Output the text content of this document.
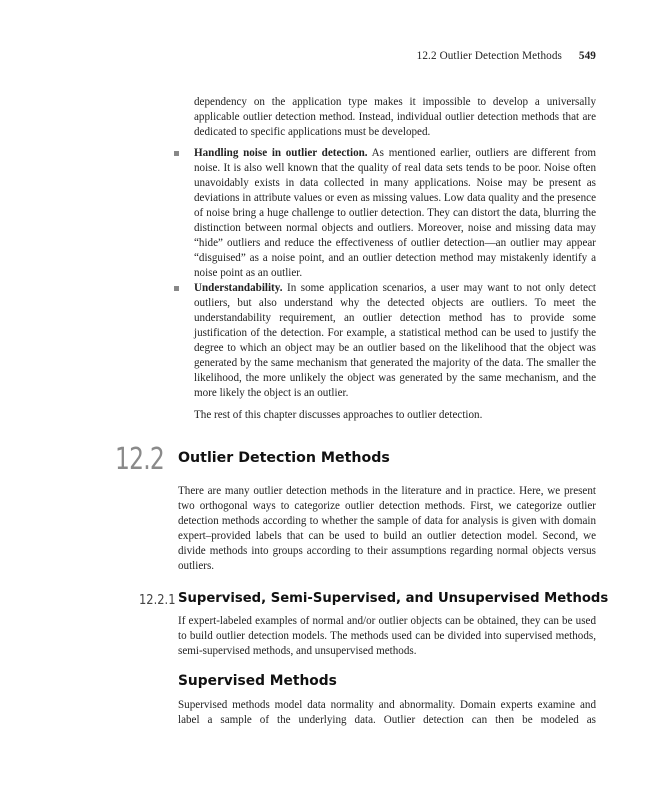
12.2 Outlier Detection Methods 549

dependency on the application type makes it impossible to develop a universally applicable outlier detection method. Instead, individual outlier detection methods that are dedicated to specific applications must be developed.

Handling noise in outlier detection. As mentioned earlier, outliers are different from noise. It is also well known that the quality of real data sets tends to be poor. Noise often unavoidably exists in data collected in many applications. Noise may be present as deviations in attribute values or even as missing values. Low data quality and the presence of noise bring a huge challenge to outlier detection. They can distort the data, blurring the distinction between normal objects and outliers. Moreover, noise and missing data may “hide” outliers and reduce the effectiveness of outlier detection—an outlier may appear “disguised” as a noise point, and an outlier detection method may mistakenly identify a noise point as an outlier.
Understandability. In some application scenarios, a user may want to not only detect outliers, but also understand why the detected objects are outliers. To meet the understandability requirement, an outlier detection method has to provide some justification of the detection. For example, a statistical method can be used to justify the degree to which an object may be an outlier based on the likelihood that the object was generated by the same mechanism that generated the majority of the data. The smaller the likelihood, the more unlikely the object was generated by the same mechanism, and the more likely the object is an outlier.

The rest of this chapter discusses approaches to outlier detection.

12.2 Outlier Detection Methods

There are many outlier detection methods in the literature and in practice. Here, we present two orthogonal ways to categorize outlier detection methods. First, we categorize outlier detection methods according to whether the sample of data for analysis is given with domain expert–provided labels that can be used to build an outlier detection model. Second, we divide methods into groups according to their assumptions regarding normal objects versus outliers.

12.2.1 Supervised, Semi-Supervised, and Unsupervised Methods

If expert-labeled examples of normal and/or outlier objects can be obtained, they can be used to build outlier detection models. The methods used can be divided into supervised methods, semi-supervised methods, and unsupervised methods.

Supervised Methods

Supervised methods model data normality and abnormality. Domain experts examine and label a sample of the underlying data. Outlier detection can then be modeled as
